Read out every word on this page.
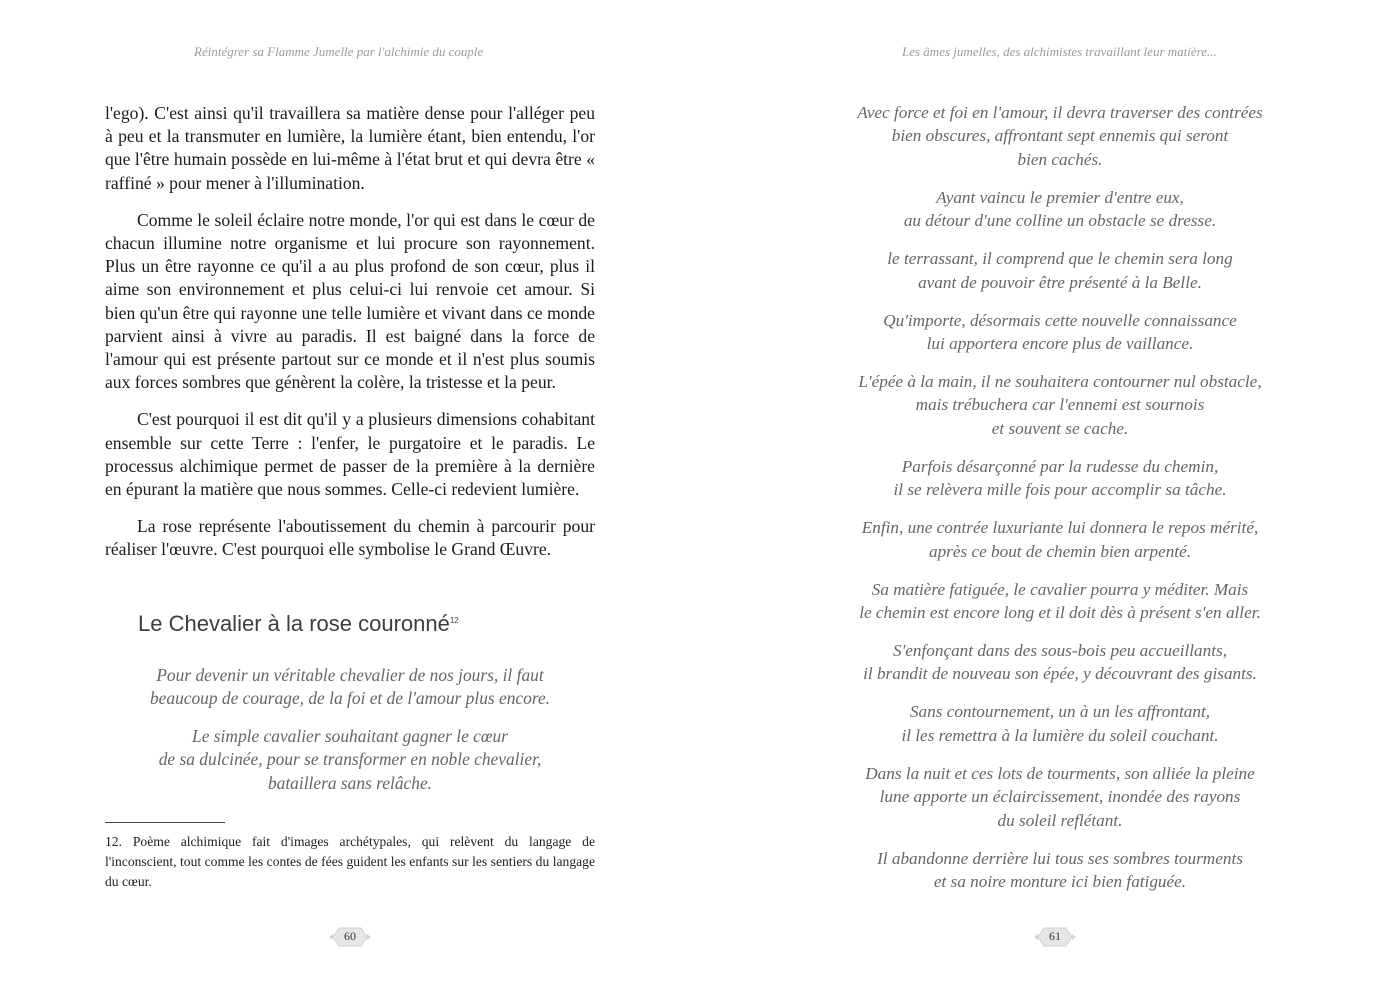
Réintégrer sa Flamme Jumelle par l'alchimie du couple

l'ego). C'est ainsi qu'il travaillera sa matière dense pour l'alléger peu à peu et la transmuter en lumière, la lumière étant, bien entendu, l'or que l'être humain possède en lui-même à l'état brut et qui devra être « raffiné » pour mener à l'illumination.

Comme le soleil éclaire notre monde, l'or qui est dans le cœur de chacun illumine notre organisme et lui procure son rayonnement. Plus un être rayonne ce qu'il a au plus profond de son cœur, plus il aime son environnement et plus celui-ci lui renvoie cet amour. Si bien qu'un être qui rayonne une telle lumière et vivant dans ce monde parvient ainsi à vivre au paradis. Il est baigné dans la force de l'amour qui est présente partout sur ce monde et il n'est plus soumis aux forces sombres que génèrent la colère, la tristesse et la peur.

C'est pourquoi il est dit qu'il y a plusieurs dimensions cohabitant ensemble sur cette Terre : l'enfer, le purgatoire et le paradis. Le processus alchimique permet de passer de la première à la dernière en épurant la matière que nous sommes. Celle-ci redevient lumière.

La rose représente l'aboutissement du chemin à parcourir pour réaliser l'œuvre. C'est pourquoi elle symbolise le Grand Œuvre.

Le Chevalier à la rose couronné$^{12}$
Pour devenir un véritable chevalier de nos jours, il faut
beaucoup de courage, de la foi et de l'amour plus encore.
Le simple cavalier souhaitant gagner le cœur
de sa dulcinée, pour se transformer en noble chevalier,
bataillera sans relâche.
12. Poème alchimique fait d'images archétypales, qui relèvent du langage de l'inconscient, tout comme les contes de fées guident les enfants sur les sentiers du langage du cœur.
60
Les âmes jumelles, des alchimistes travaillant leur matière...
Avec force et foi en l'amour, il devra traverser des contrées
bien obscures, affrontant sept ennemis qui seront
bien cachés.
Ayant vaincu le premier d'entre eux,
au détour d'une colline un obstacle se dresse.
le terrassant, il comprend que le chemin sera long
avant de pouvoir être présenté à la Belle.
Qu'importe, désormais cette nouvelle connaissance
lui apportera encore plus de vaillance.
L'épée à la main, il ne souhaitera contourner nul obstacle,
mais trébuchera car l'ennemi est sournois
et souvent se cache.
Parfois désarçonné par la rudesse du chemin,
il se relèvera mille fois pour accomplir sa tâche.
Enfin, une contrée luxuriante lui donnera le repos mérité,
après ce bout de chemin bien arpenté.
Sa matière fatiguée, le cavalier pourra y méditer. Mais
le chemin est encore long et il doit dès à présent s'en aller.
S'enfonçant dans des sous-bois peu accueillants,
il brandit de nouveau son épée, y découvrant des gisants.
Sans contournement, un à un les affrontant,
il les remettra à la lumière du soleil couchant.
Dans la nuit et ces lots de tourments, son alliée la pleine
lune apporte un éclaircissement, inondée des rayons
du soleil reflétant.
Il abandonne derrière lui tous ses sombres tourments
et sa noire monture ici bien fatiguée.
61
